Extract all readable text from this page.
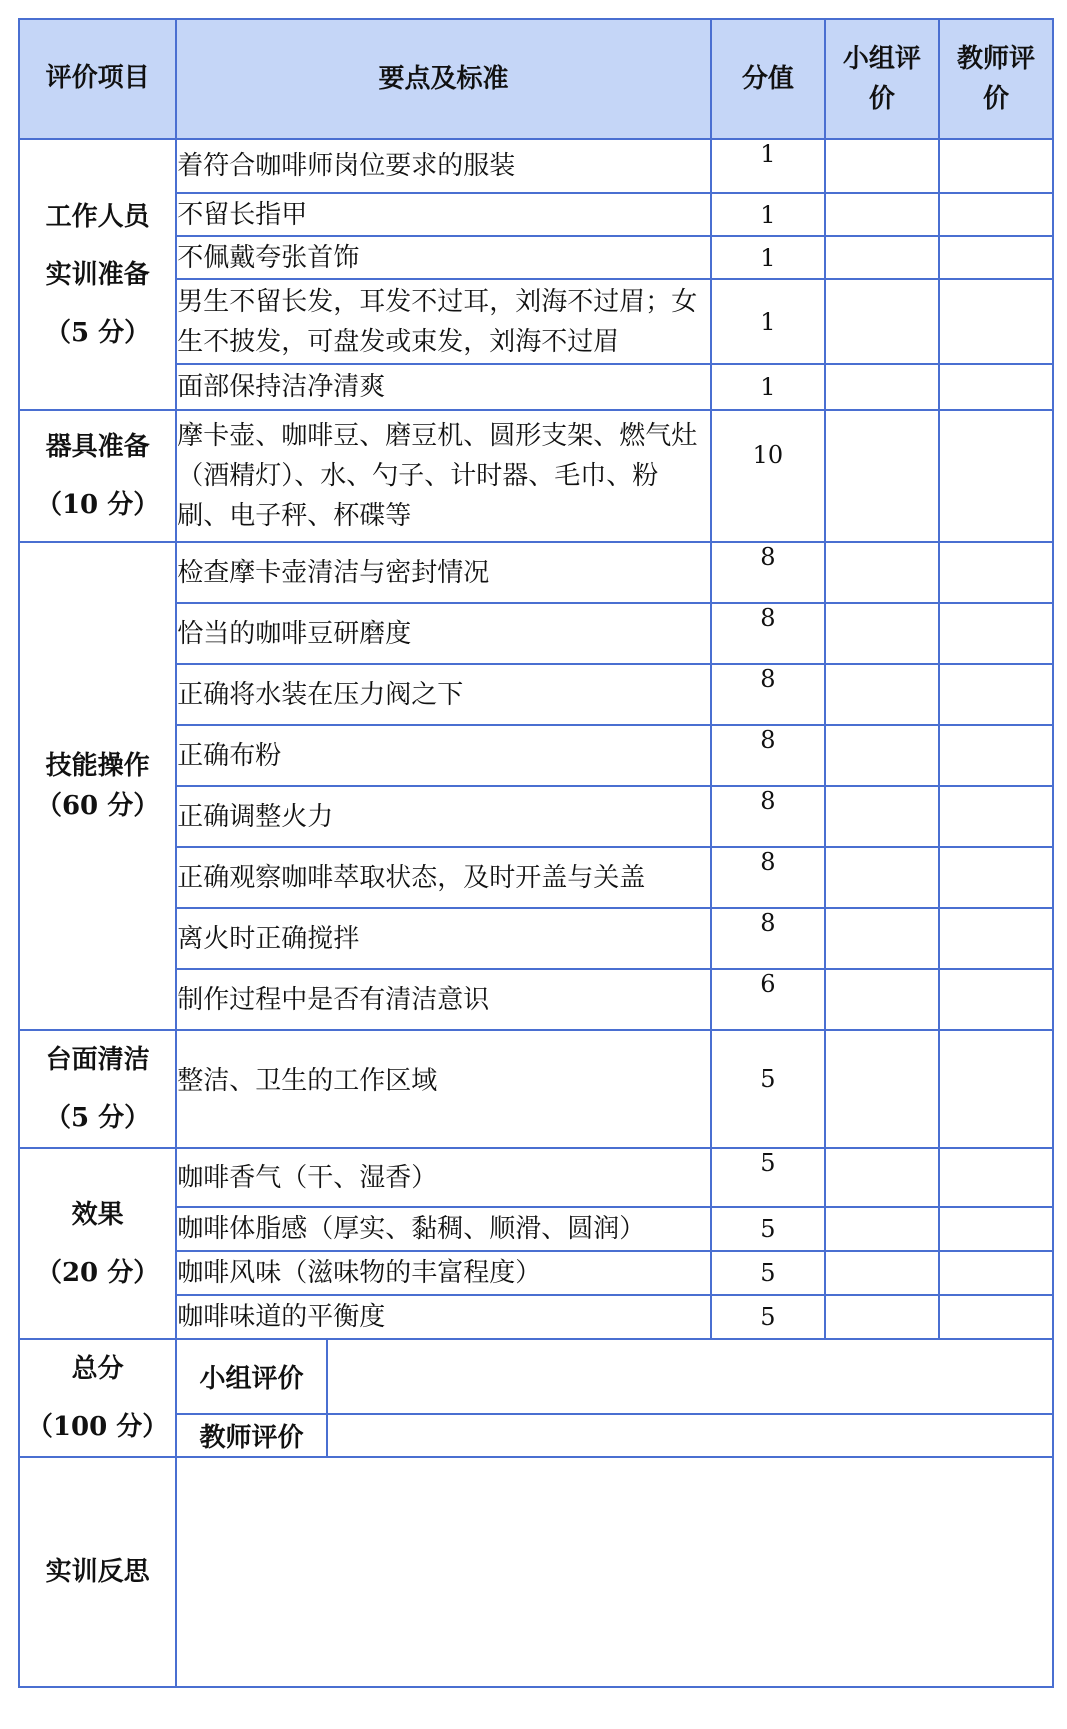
评价项目	要点及标准		分值	小组评价	教师评价

工作人员
实训准备
（5 分）	着符合咖啡师岗位要求的服装		1		
	不留长指甲		1		
	不佩戴夸张首饰		1		
	男生不留长发，耳发不过耳，刘海不过眉；女生不披发，可盘发或束发，刘海不过眉		1		
	面部保持洁净清爽		1		

器具准备
（10 分）	摩卡壶、咖啡豆、磨豆机、圆形支架、燃气灶（酒精灯）、水、勺子、计时器、毛巾、粉刷、电子秤、杯碟等		10		

技能操作
（60 分）	检查摩卡壶清洁与密封情况		8		
	恰当的咖啡豆研磨度		8		
	正确将水装在压力阀之下		8		
	正确布粉		8		
	正确调整火力		8		
	正确观察咖啡萃取状态，及时开盖与关盖		8		
	离火时正确搅拌		8		
	制作过程中是否有清洁意识		6		

台面清洁
（5 分）	整洁、卫生的工作区域		5		

效果
（20 分）	咖啡香气（干、湿香）		5		
	咖啡体脂感（厚实、黏稠、顺滑、圆润）		5		
	咖啡风味（滋味物的丰富程度）		5		
	咖啡味道的平衡度		5		

总分
（100 分）	小组评价				
	教师评价				
实训反思					
